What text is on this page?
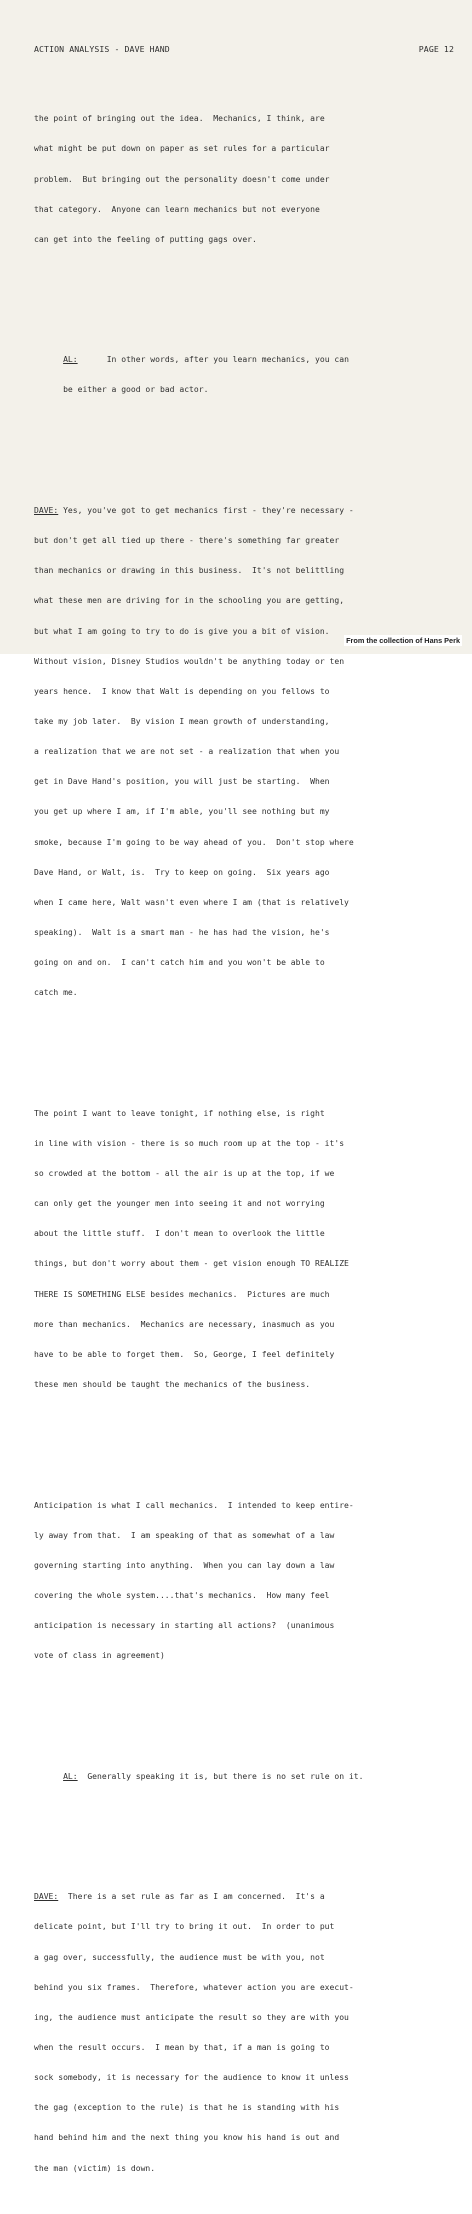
ACTION ANALYSIS - DAVE HAND	PAGE 12

the point of bringing out the idea.  Mechanics, I think, are

what might be put down on paper as set rules for a particular

problem.  But bringing out the personality doesn't come under

that category.  Anyone can learn mechanics but not everyone

can get into the feeling of putting gags over.

AL:      In other words, after you learn mechanics, you can

be either a good or bad actor.

DAVE: Yes, you've got to get mechanics first - they're necessary -

but don't get all tied up there - there's something far greater

than mechanics or drawing in this business.  It's not belittling

what these men are driving for in the schooling you are getting,

but what I am going to try to do is give you a bit of vision.

Without vision, Disney Studios wouldn't be anything today or ten

years hence.  I know that Walt is depending on you fellows to

take my job later.  By vision I mean growth of understanding,

a realization that we are not set - a realization that when you

get in Dave Hand's position, you will just be starting.  When

you get up where I am, if I'm able, you'll see nothing but my

smoke, because I'm going to be way ahead of you.  Don't stop where

Dave Hand, or Walt, is.  Try to keep on going.  Six years ago

when I came here, Walt wasn't even where I am (that is relatively

speaking).  Walt is a smart man - he has had the vision, he's

going on and on.  I can't catch him and you won't be able to

catch me.

The point I want to leave tonight, if nothing else, is right

in line with vision - there is so much room up at the top - it's

so crowded at the bottom - all the air is up at the top, if we

can only get the younger men into seeing it and not worrying

about the little stuff.  I don't mean to overlook the little

things, but don't worry about them - get vision enough TO REALIZE

THERE IS SOMETHING ELSE besides mechanics.  Pictures are much

more than mechanics.  Mechanics are necessary, inasmuch as you

have to be able to forget them.  So, George, I feel definitely

these men should be taught the mechanics of the business.

Anticipation is what I call mechanics.  I intended to keep entire-

ly away from that.  I am speaking of that as somewhat of a law

governing starting into anything.  When you can lay down a law

covering the whole system....that's mechanics.  How many feel

anticipation is necessary in starting all actions?  (unanimous

vote of class in agreement)

AL:  Generally speaking it is, but there is no set rule on it.

DAVE:  There is a set rule as far as I am concerned.  It's a

delicate point, but I'll try to bring it out.  In order to put

a gag over, successfully, the audience must be with you, not

behind you six frames.  Therefore, whatever action you are execut-

ing, the audience must anticipate the result so they are with you

when the result occurs.  I mean by that, if a man is going to

sock somebody, it is necessary for the audience to know it unless

the gag (exception to the rule) is that he is standing with his

hand behind him and the next thing you know his hand is out and

the man (victim) is down.

From the collection of Hans Perk
